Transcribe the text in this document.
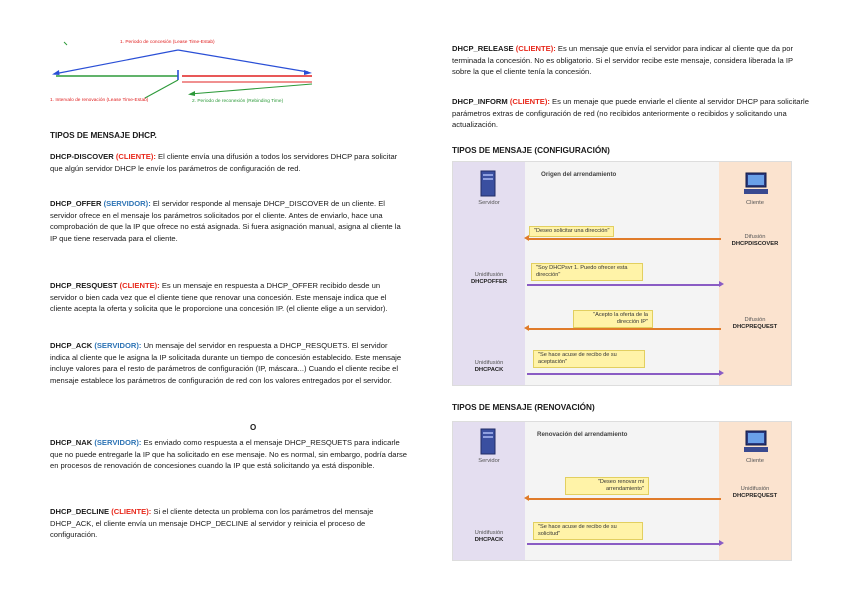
1. Periodo de concesión (Lease Time-Estab)
1. Intervalo de renovación (Lease Time-Estab)	2. Periodo de reconexión (Rebinding Time)
TIPOS DE MENSAJE DHCP.

DHCP-DISCOVER (CLIENTE): El cliente envía una difusión a todos los servidores DHCP para solicitar que algún servidor DHCP le envíe los parámetros de configuración de red.

DHCP_OFFER (SERVIDOR): El servidor responde al mensaje DHCP_DISCOVER de un cliente. El servidor ofrece en el mensaje los parámetros solicitados por el cliente. Antes de enviarlo, hace una comprobación de que la IP que ofrece no está asignada. Si fuera asignación manual, asigna al cliente la IP que tiene reservada para el cliente.

DHCP_RESQUEST (CLIENTE): Es un mensaje en respuesta a DHCP_OFFER recibido desde un servidor o bien cada vez que el cliente tiene que renovar una concesión. Este mensaje indica que el cliente acepta la oferta y solicita que le proporcione una concesión IP. (el cliente elige a un servidor).

DHCP_ACK (SERVIDOR): Un mensaje del servidor en respuesta a DHCP_RESQUETS. El servidor indica al cliente que le asigna la IP solicitada durante un tiempo de concesión establecido. Este mensaje incluye valores para el resto de parámetros de configuración (IP, máscara...) Cuando el cliente recibe el mensaje establece los parámetros de configuración de red con los valores entregados por el servidor.

O

DHCP_NAK (SERVIDOR): Es enviado como respuesta a el mensaje DHCP_RESQUETS para indicarle que no puede entregarle la IP que ha solicitado en ese mensaje. No es normal, sin embargo, podría darse en procesos de renovación de concesiones cuando la IP que está solicitando ya está disponible.

DHCP_DECLINE (CLIENTE): Si el cliente detecta un problema con los parámetros del mensaje DHCP_ACK, el cliente envía un mensaje DHCP_DECLINE al servidor y reinicia el proceso de configuración.

DHCP_RELEASE (CLIENTE): Es un mensaje que envía el servidor para indicar al cliente que da por terminada la concesión. No es obligatorio. Si el servidor recibe este mensaje, considera liberada la IP sobre la que el cliente tenía la concesión.

DHCP_INFORM (CLIENTE): Es un menaje que puede enviarle el cliente al servidor DHCP para solicitarle parámetros extras de configuración de red (no recibidos anteriormente o recibidos y solicitando una actualización.

TIPOS DE MENSAJE (CONFIGURACIÓN)
Servidor	Cliente
Origen del arrendamiento
"Deseo solicitar una dirección"
Difusión
DHCPDISCOVER
"Soy DHCPsvr 1. Puedo ofrecer esta dirección"
Unidifusión
DHCPOFFER
"Acepto la oferta de la dirección IP"	Difusión
DHCPREQUEST
"Se hace acuse de recibo de su aceptación"
Unidifusión
DHCPACK
TIPOS DE MENSAJE (RENOVACIÓN)
Servidor	Cliente
Renovación del arrendamiento
"Deseo renovar mi arrendamiento"	Unidifusión
DHCPREQUEST
"Se hace acuse de recibo de su solicitud"
Unidifusión
DHCPACK
